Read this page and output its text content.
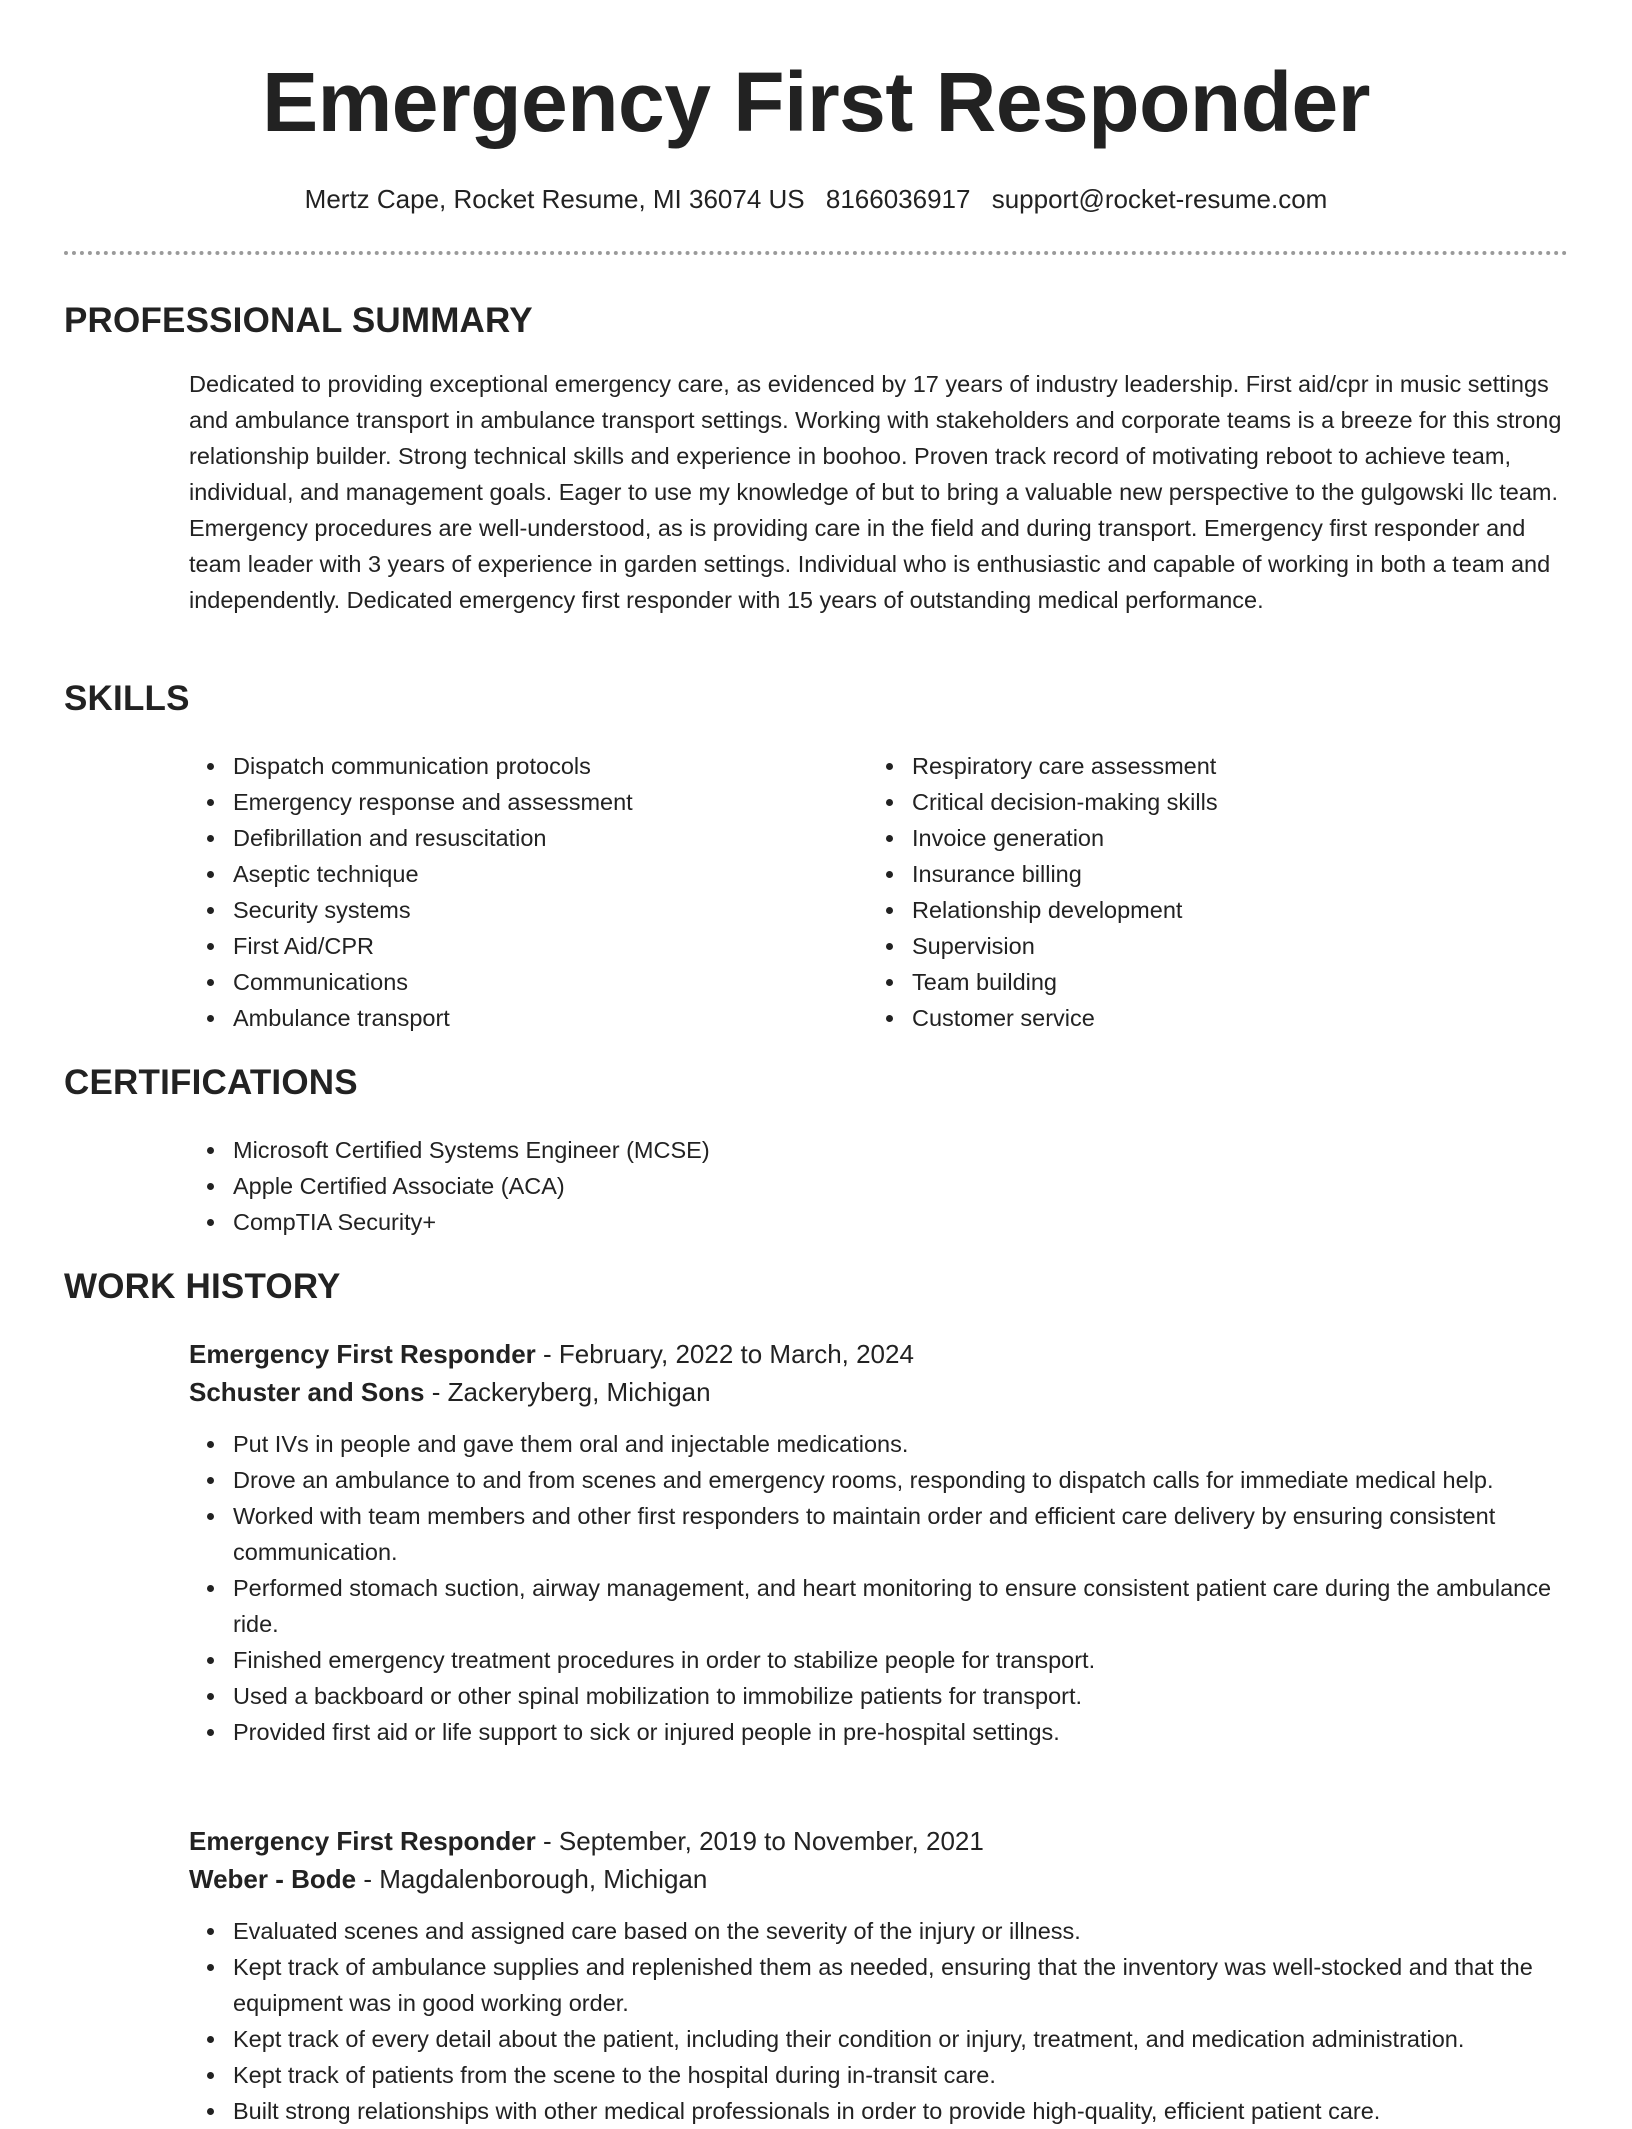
Emergency First Responder
Mertz Cape, Rocket Resume, MI 36074 US 8166036917 support@rocket-resume.com
PROFESSIONAL SUMMARY

Dedicated to providing exceptional emergency care, as evidenced by 17 years of industry leadership. First aid/cpr in music settings and ambulance transport in ambulance transport settings. Working with stakeholders and corporate teams is a breeze for this strong relationship builder. Strong technical skills and experience in boohoo. Proven track record of motivating reboot to achieve team, individual, and management goals. Eager to use my knowledge of but to bring a valuable new perspective to the gulgowski llc team. Emergency procedures are well-understood, as is providing care in the field and during transport. Emergency first responder and team leader with 3 years of experience in garden settings. Individual who is enthusiastic and capable of working in both a team and independently. Dedicated emergency first responder with 15 years of outstanding medical performance.

SKILLS
Dispatch communication protocols
Emergency response and assessment
Defibrillation and resuscitation
Aseptic technique
Security systems
First Aid/CPR
Communications
Ambulance transport
Respiratory care assessment
Critical decision-making skills
Invoice generation
Insurance billing
Relationship development
Supervision
Team building
Customer service
CERTIFICATIONS
Microsoft Certified Systems Engineer (MCSE)
Apple Certified Associate (ACA)
CompTIA Security+
WORK HISTORY
Emergency First Responder - February, 2022 to March, 2024
Schuster and Sons - Zackeryberg, Michigan
Put IVs in people and gave them oral and injectable medications.
Drove an ambulance to and from scenes and emergency rooms, responding to dispatch calls for immediate medical help.
Worked with team members and other first responders to maintain order and efficient care delivery by ensuring consistent communication.
Performed stomach suction, airway management, and heart monitoring to ensure consistent patient care during the ambulance ride.
Finished emergency treatment procedures in order to stabilize people for transport.
Used a backboard or other spinal mobilization to immobilize patients for transport.
Provided first aid or life support to sick or injured people in pre-hospital settings.
Emergency First Responder - September, 2019 to November, 2021
Weber - Bode - Magdalenborough, Michigan
Evaluated scenes and assigned care based on the severity of the injury or illness.
Kept track of ambulance supplies and replenished them as needed, ensuring that the inventory was well-stocked and that the equipment was in good working order.
Kept track of every detail about the patient, including their condition or injury, treatment, and medication administration.
Kept track of patients from the scene to the hospital during in-transit care.
Built strong relationships with other medical professionals in order to provide high-quality, efficient patient care.
